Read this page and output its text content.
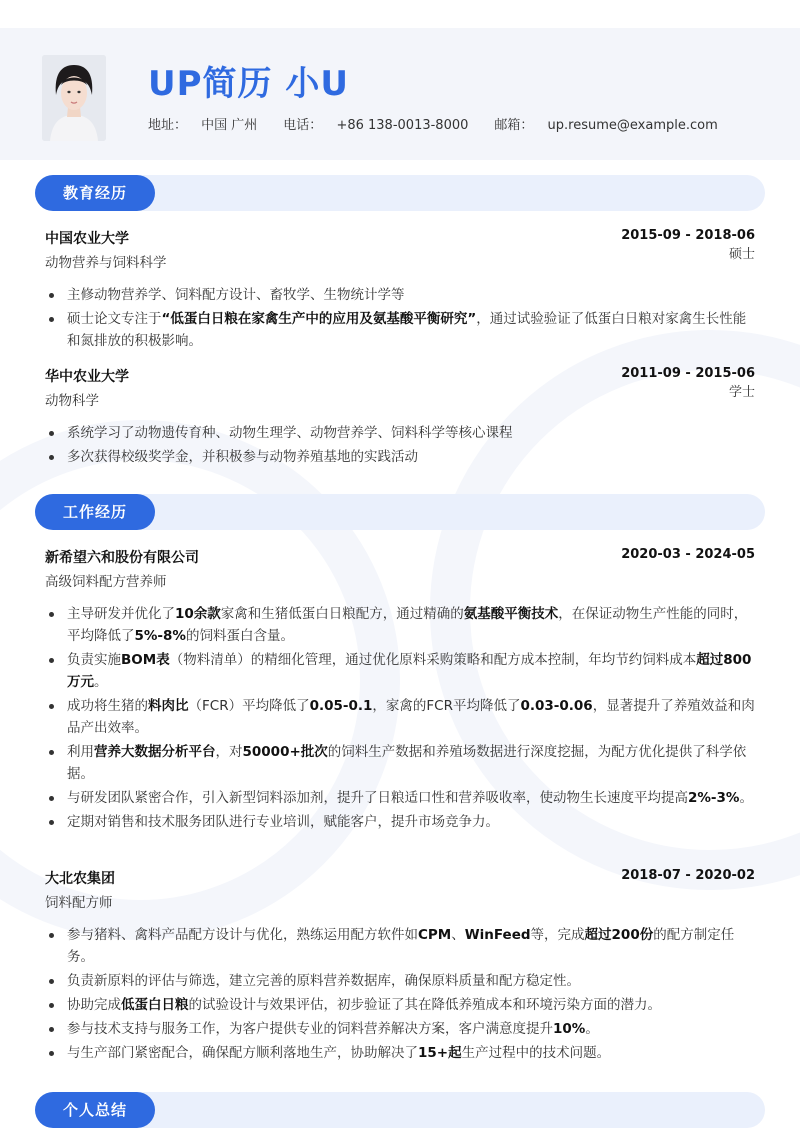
UP简历 小U
地址： 中国 广州 电话： +86 138-0013-8000 邮箱： up.resume@example.com
教育经历
中国农业大学	2015-09 - 2018-06
动物营养与饲料科学
硕士
主修动物营养学、饲料配方设计、畜牧学、生物统计学等
硕士论文专注于“低蛋白日粮在家禽生产中的应用及氨基酸平衡研究”，通过试验验证了低蛋白日粮对家禽生长性能和氮排放的积极影响。
华中农业大学	2011-09 - 2015-06
动物科学
学士
系统学习了动物遗传育种、动物生理学、动物营养学、饲料科学等核心课程
多次获得校级奖学金，并积极参与动物养殖基地的实践活动
工作经历
新希望六和股份有限公司	2020-03 - 2024-05
高级饲料配方营养师
主导研发并优化了10余款家禽和生猪低蛋白日粮配方，通过精确的氨基酸平衡技术，在保证动物生产性能的同时，平均降低了5%-8%的饲料蛋白含量。
负责实施BOM表（物料清单）的精细化管理，通过优化原料采购策略和配方成本控制，年均节约饲料成本超过800万元。
成功将生猪的料肉比（FCR）平均降低了0.05-0.1，家禽的FCR平均降低了0.03-0.06，显著提升了养殖效益和肉品产出效率。
利用营养大数据分析平台，对50000+批次的饲料生产数据和养殖场数据进行深度挖掘，为配方优化提供了科学依据。
与研发团队紧密合作，引入新型饲料添加剂，提升了日粮适口性和营养吸收率，使动物生长速度平均提高2%-3%。
定期对销售和技术服务团队进行专业培训，赋能客户，提升市场竞争力。
大北农集团	2018-07 - 2020-02
饲料配方师
参与猪料、禽料产品配方设计与优化，熟练运用配方软件如CPM、WinFeed等，完成超过200份的配方制定任务。
负责新原料的评估与筛选，建立完善的原料营养数据库，确保原料质量和配方稳定性。
协助完成低蛋白日粮的试验设计与效果评估，初步验证了其在降低养殖成本和环境污染方面的潜力。
参与技术支持与服务工作，为客户提供专业的饲料营养解决方案，客户满意度提升10%。
与生产部门紧密配合，确保配方顺利落地生产，协助解决了15+起生产过程中的技术问题。
个人总结
